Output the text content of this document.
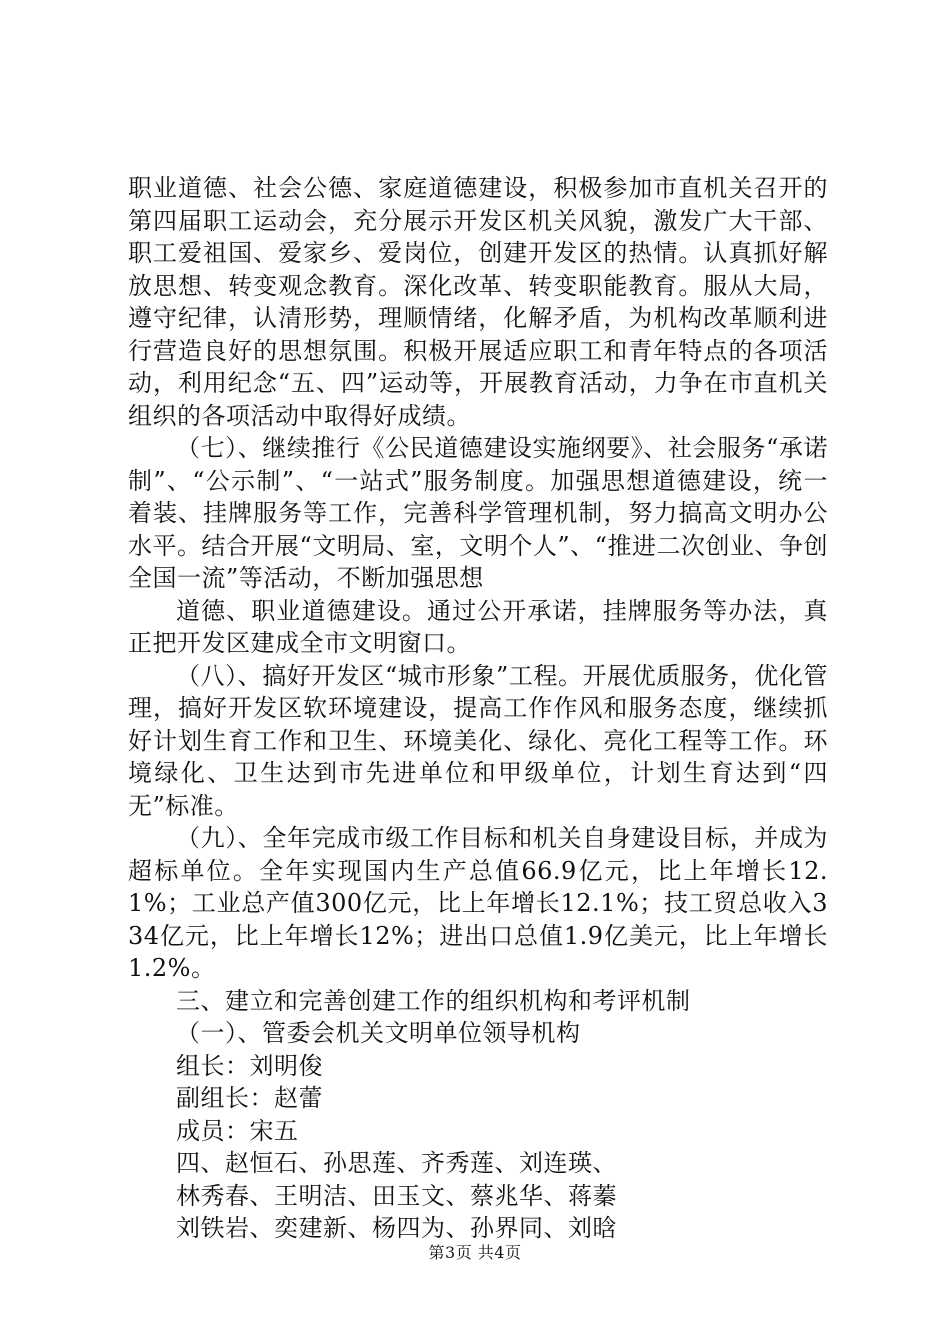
职业道德、社会公德、家庭道德建设，积极参加市直机关召开的第四届职工运动会，充分展示开发区机关风貌，激发广大干部、职工爱祖国、爱家乡、爱岗位，创建开发区的热情。认真抓好解放思想、转变观念教育。深化改革、转变职能教育。服从大局，遵守纪律，认清形势，理顺情绪，化解矛盾，为机构改革顺利进行营造良好的思想氛围。积极开展适应职工和青年特点的各项活动，利用纪念“五、四”运动等，开展教育活动，力争在市直机关组织的各项活动中取得好成绩。

（七）、继续推行《公民道德建设实施纲要》、社会服务“承诺制”、“公示制”、“一站式”服务制度。加强思想道德建设，统一着装、挂牌服务等工作，完善科学管理机制，努力搞高文明办公水平。结合开展“文明局、室，文明个人”、“推进二次创业、争创全国一流”等活动，不断加强思想

道德、职业道德建设。通过公开承诺，挂牌服务等办法，真正把开发区建成全市文明窗口。

（八）、搞好开发区“城市形象”工程。开展优质服务，优化管理，搞好开发区软环境建设，提高工作作风和服务态度，继续抓好计划生育工作和卫生、环境美化、绿化、亮化工程等工作。环境绿化、卫生达到市先进单位和甲级单位，计划生育达到“四无”标准。

（九）、全年完成市级工作目标和机关自身建设目标，并成为超标单位。全年实现国内生产总值66.9亿元，比上年增长12.1%；工业总产值300亿元，比上年增长12.1%；技工贸总收入334亿元，比上年增长12%；进出口总值1.9亿美元，比上年增长1.2%。

三、建立和完善创建工作的组织机构和考评机制

（一）、管委会机关文明单位领导机构

组长：刘明俊

副组长：赵蕾

成员：宋五

四、赵恒石、孙思莲、齐秀莲、刘连瑛、

林秀春、王明洁、田玉文、蔡兆华、蒋蓁

刘铁岩、奕建新、杨四为、孙界同、刘晗

第3页 共4页
